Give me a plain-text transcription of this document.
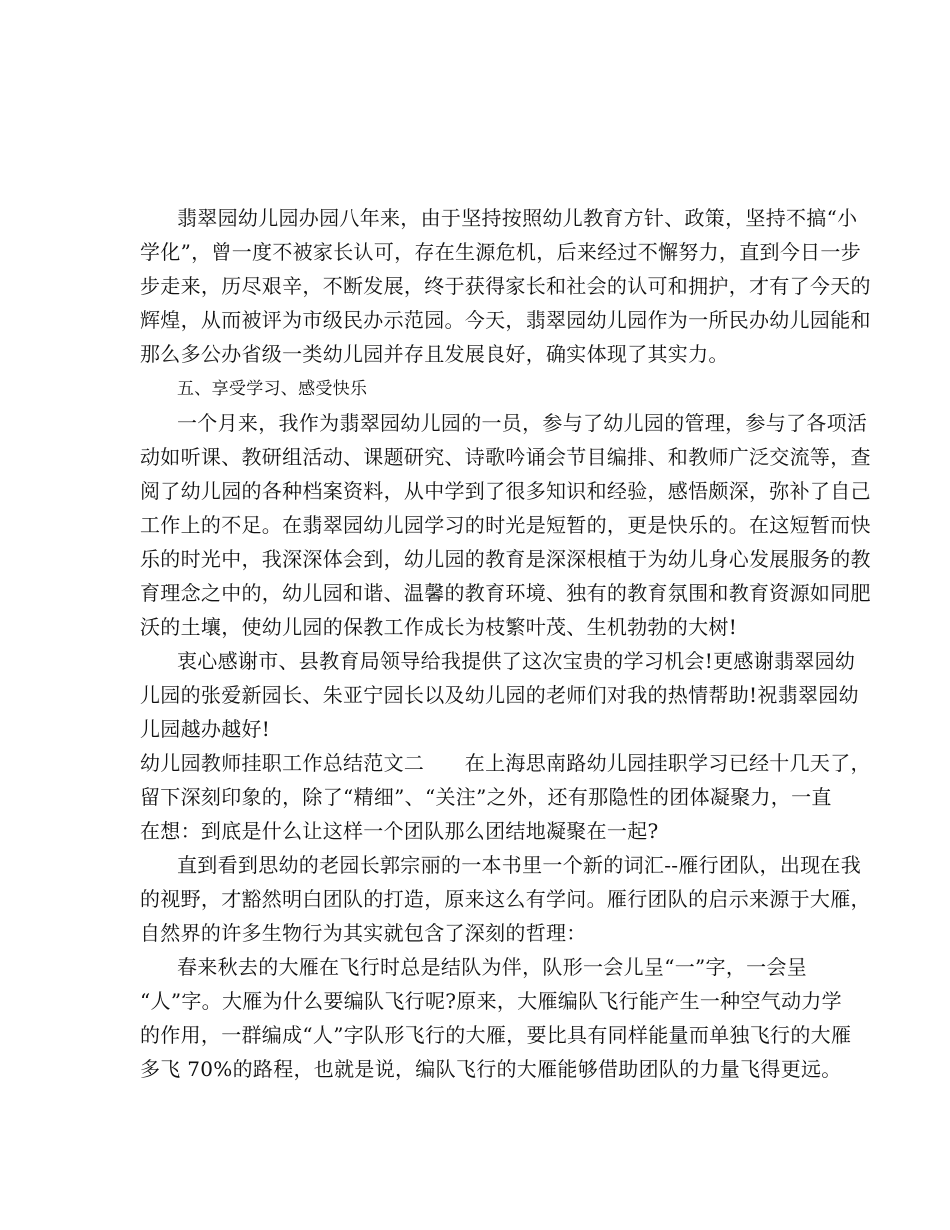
翡翠园幼儿园办园八年来，由于坚持按照幼儿教育方针、政策，坚持不搞“小
学化”，曾一度不被家长认可，存在生源危机，后来经过不懈努力，直到今日一步
步走来，历尽艰辛，不断发展，终于获得家长和社会的认可和拥护，才有了今天的
辉煌，从而被评为市级民办示范园。今天，翡翠园幼儿园作为一所民办幼儿园能和
那么多公办省级一类幼儿园并存且发展良好，确实体现了其实力。
五、享受学习、感受快乐
一个月来，我作为翡翠园幼儿园的一员，参与了幼儿园的管理，参与了各项活
动如听课、教研组活动、课题研究、诗歌吟诵会节目编排、和教师广泛交流等，查
阅了幼儿园的各种档案资料，从中学到了很多知识和经验，感悟颇深，弥补了自己
工作上的不足。在翡翠园幼儿园学习的时光是短暂的，更是快乐的。在这短暂而快
乐的时光中，我深深体会到，幼儿园的教育是深深根植于为幼儿身心发展服务的教
育理念之中的，幼儿园和谐、温馨的教育环境、独有的教育氛围和教育资源如同肥
沃的土壤，使幼儿园的保教工作成长为枝繁叶茂、生机勃勃的大树!
衷心感谢市、县教育局领导给我提供了这次宝贵的学习机会!更感谢翡翠园幼
儿园的张爱新园长、朱亚宁园长以及幼儿园的老师们对我的热情帮助!祝翡翠园幼
儿园越办越好!
幼儿园教师挂职工作总结范文二　　在上海思南路幼儿园挂职学习已经十几天了，
留下深刻印象的，除了“精细”、“关注”之外，还有那隐性的团体凝聚力，一直
在想：到底是什么让这样一个团队那么团结地凝聚在一起?
直到看到思幼的老园长郭宗丽的一本书里一个新的词汇--雁行团队，出现在我
的视野，才豁然明白团队的打造，原来这么有学问。雁行团队的启示来源于大雁，
自然界的许多生物行为其实就包含了深刻的哲理：
春来秋去的大雁在飞行时总是结队为伴，队形一会儿呈“一”字，一会呈
“人”字。大雁为什么要编队飞行呢?原来，大雁编队飞行能产生一种空气动力学
的作用，一群编成“人”字队形飞行的大雁，要比具有同样能量而单独飞行的大雁
多飞 70%的路程，也就是说，编队飞行的大雁能够借助团队的力量飞得更远。
